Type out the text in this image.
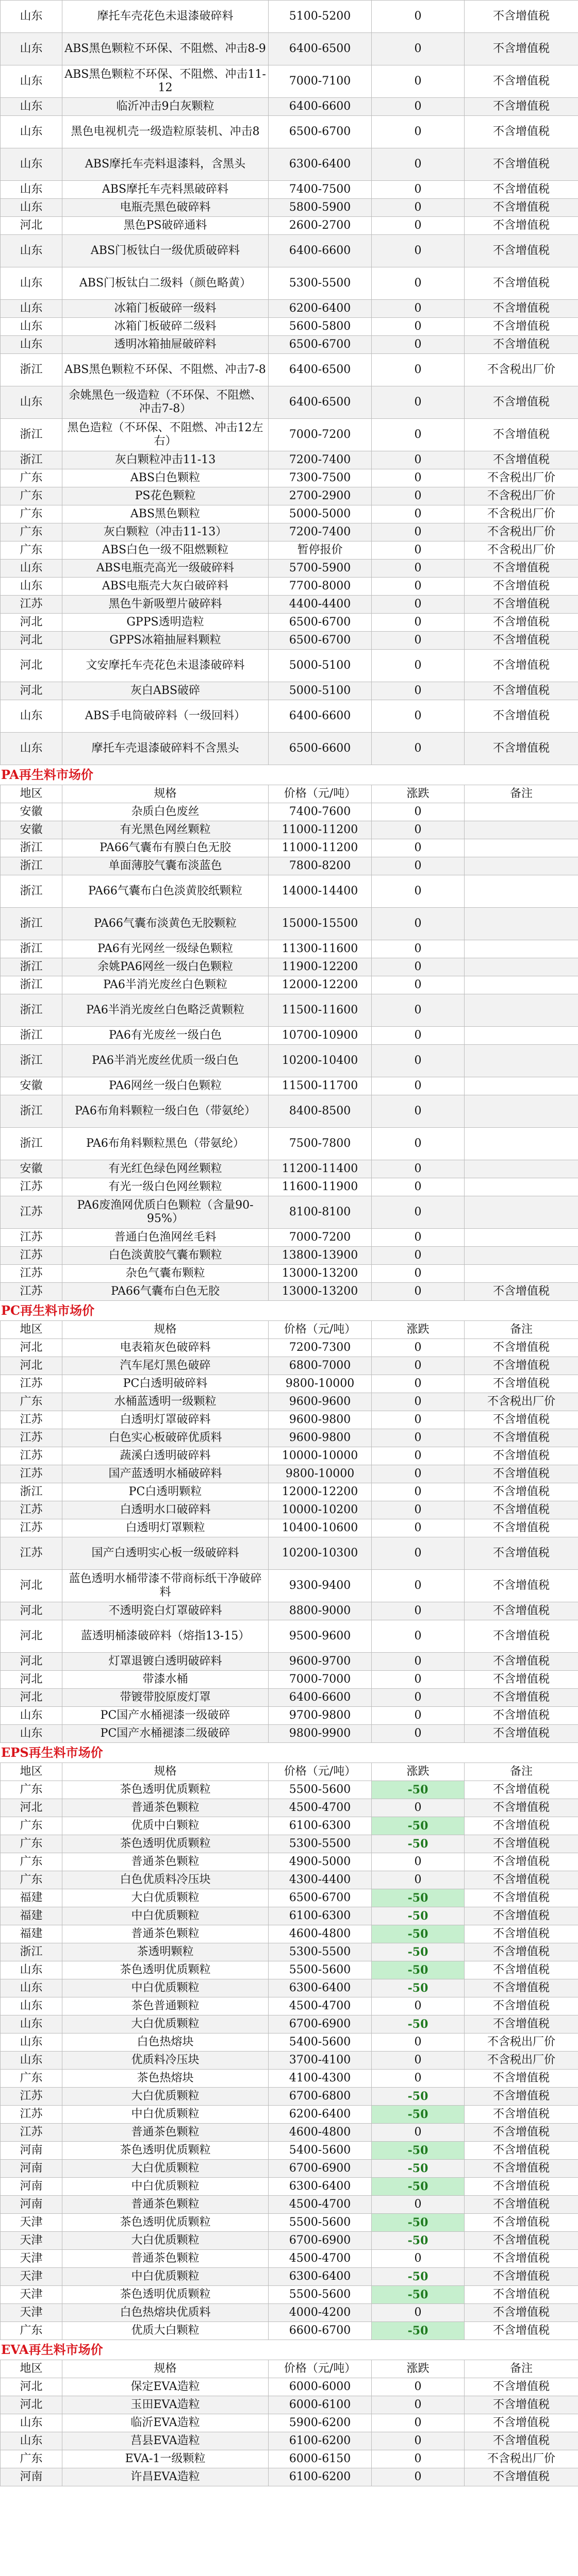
山东	摩托车壳花色未退漆破碎料	5100-5200	0	不含增值税
山东	ABS黑色颗粒不环保、不阻燃、冲击8-9	6400-6500	0	不含增值税
山东	ABS黑色颗粒不环保、不阻燃、冲击11-12	7000-7100	0	不含增值税
山东	临沂冲击9白灰颗粒	6400-6600	0	不含增值税
山东	黑色电视机壳一级造粒原装机、冲击8	6500-6700	0	不含增值税
山东	ABS摩托车壳料退漆料，含黑头	6300-6400	0	不含增值税
山东	ABS摩托车壳料黑破碎料	7400-7500	0	不含增值税
山东	电瓶壳黑色破碎料	5800-5900	0	不含增值税
河北	黑色PS破碎通料	2600-2700	0	不含增值税
山东	ABS门板钛白一级优质破碎料	6400-6600	0	不含增值税
山东	ABS门板钛白二级料（颜色略黄）	5300-5500	0	不含增值税
山东	冰箱门板破碎一级料	6200-6400	0	不含增值税
山东	冰箱门板破碎二级料	5600-5800	0	不含增值税
山东	透明冰箱抽屉破碎料	6500-6700	0	不含增值税
浙江	ABS黑色颗粒不环保、不阻燃、冲击7-8	6400-6500	0	不含税出厂价
山东	余姚黑色一级造粒（不环保、不阻燃、冲击7-8）	6400-6500	0	不含增值税
浙江	黑色造粒（不环保、不阻燃、冲击12左右）	7000-7200	0	不含增值税
浙江	灰白颗粒冲击11-13	7200-7400	0	不含增值税
广东	ABS白色颗粒	7300-7500	0	不含税出厂价
广东	PS花色颗粒	2700-2900	0	不含税出厂价
广东	ABS黑色颗粒	5000-5000	0	不含税出厂价
广东	灰白颗粒（冲击11-13）	7200-7400	0	不含税出厂价
广东	ABS白色一级不阻燃颗粒	暂停报价	0	不含税出厂价
山东	ABS电瓶壳高光一级破碎料	5700-5900	0	不含增值税
山东	ABS电瓶壳大灰白破碎料	7700-8000	0	不含增值税
江苏	黑色牛新吸塑片破碎料	4400-4400	0	不含增值税
河北	GPPS透明造粒	6500-6700	0	不含增值税
河北	GPPS冰箱抽屉料颗粒	6500-6700	0	不含增值税
河北	文安摩托车壳花色未退漆破碎料	5000-5100	0	不含增值税
河北	灰白ABS破碎	5000-5100	0	不含增值税
山东	ABS手电筒破碎料（一级回料）	6400-6600	0	不含增值税
山东	摩托车壳退漆破碎料不含黑头	6500-6600	0	不含增值税
PA再生料市场价
地区	规格	价格（元/吨）	涨跌	备注
安徽	杂质白色废丝	7400-7600	0	
安徽	有光黑色网丝颗粒	11000-11200	0	
浙江	PA66气囊布有膜白色无胶	11000-11200	0	
浙江	单面薄胶气囊布淡蓝色	7800-8200	0	
浙江	PA66气囊布白色淡黄胶纸颗粒	14000-14400	0	
浙江	PA66气囊布淡黄色无胶颗粒	15000-15500	0	
浙江	PA6有光网丝一级绿色颗粒	11300-11600	0	
浙江	余姚PA6网丝一级白色颗粒	11900-12200	0	
浙江	PA6半消光废丝白色颗粒	12000-12200	0	
浙江	PA6半消光废丝白色略泛黄颗粒	11500-11600	0	
浙江	PA6有光废丝一级白色	10700-10900	0	
浙江	PA6半消光废丝优质一级白色	10200-10400	0	
安徽	PA6网丝一级白色颗粒	11500-11700	0	
浙江	PA6布角料颗粒一级白色（带氨纶）	8400-8500	0	
浙江	PA6布角料颗粒黑色（带氨纶）	7500-7800	0	
安徽	有光红色绿色网丝颗粒	11200-11400	0	
江苏	有光一级白色网丝颗粒	11600-11900	0	
江苏	PA6废渔网优质白色颗粒（含量90-95%）	8100-8100	0	
江苏	普通白色渔网丝毛料	7000-7200	0	
江苏	白色淡黄胶气囊布颗粒	13800-13900	0	
江苏	杂色气囊布颗粒	13000-13200	0	
江苏	PA66气囊布白色无胶	13000-13200	0	不含增值税
PC再生料市场价
地区	规格	价格（元/吨）	涨跌	备注
河北	电表箱灰色破碎料	7200-7300	0	不含增值税
河北	汽车尾灯黑色破碎	6800-7000	0	不含增值税
江苏	PC白透明破碎料	9800-10000	0	不含增值税
广东	水桶蓝透明一级颗粒	9600-9600	0	不含税出厂价
江苏	白透明灯罩破碎料	9600-9800	0	不含增值税
江苏	白色实心板破碎优质料	9600-9800	0	不含增值税
江苏	蔬溪白透明破碎料	10000-10000	0	不含增值税
江苏	国产蓝透明水桶破碎料	9800-10000	0	不含增值税
浙江	PC白透明颗粒	12000-12200	0	不含增值税
江苏	白透明水口破碎料	10000-10200	0	不含增值税
江苏	白透明灯罩颗粒	10400-10600	0	不含增值税
江苏	国产白透明实心板一级破碎料	10200-10300	0	不含增值税
河北	蓝色透明水桶带漆不带商标纸干净破碎料	9300-9400	0	不含增值税
河北	不透明瓷白灯罩破碎料	8800-9000	0	不含增值税
河北	蓝透明桶漆破碎料（熔指13-15）	9500-9600	0	不含增值税
河北	灯罩退镀白透明破碎料	9600-9700	0	不含增值税
河北	带漆水桶	7000-7000	0	不含增值税
河北	带镀带胶原废灯罩	6400-6600	0	不含增值税
山东	PC国产水桶褪漆一级破碎	9700-9800	0	不含增值税
山东	PC国产水桶褪漆二级破碎	9800-9900	0	不含增值税
EPS再生料市场价
地区	规格	价格（元/吨）	涨跌	备注
广东	茶色透明优质颗粒	5500-5600	-50	不含增值税
河北	普通茶色颗粒	4500-4700	0	不含增值税
广东	优质中白颗粒	6100-6300	-50	不含增值税
广东	茶色透明优质颗粒	5300-5500	-50	不含增值税
广东	普通茶色颗粒	4900-5000	0	不含增值税
广东	白色优质料冷压块	4300-4400	0	不含增值税
福建	大白优质颗粒	6500-6700	-50	不含增值税
福建	中白优质颗粒	6100-6300	-50	不含增值税
福建	普通茶色颗粒	4600-4800	-50	不含增值税
浙江	茶透明颗粒	5300-5500	-50	不含增值税
山东	茶色透明优质颗粒	5500-5600	-50	不含增值税
山东	中白优质颗粒	6300-6400	-50	不含增值税
山东	茶色普通颗粒	4500-4700	0	不含增值税
山东	大白优质颗粒	6700-6900	-50	不含增值税
山东	白色热熔块	5400-5600	0	不含税出厂价
山东	优质料冷压块	3700-4100	0	不含税出厂价
广东	茶色热熔块	4100-4300	0	不含增值税
江苏	大白优质颗粒	6700-6800	-50	不含增值税
江苏	中白优质颗粒	6200-6400	-50	不含增值税
江苏	普通茶色颗粒	4600-4800	0	不含增值税
河南	茶色透明优质颗粒	5400-5600	-50	不含增值税
河南	大白优质颗粒	6700-6900	-50	不含增值税
河南	中白优质颗粒	6300-6400	-50	不含增值税
河南	普通茶色颗粒	4500-4700	0	不含增值税
天津	茶色透明优质颗粒	5500-5600	-50	不含增值税
天津	大白优质颗粒	6700-6900	-50	不含增值税
天津	普通茶色颗粒	4500-4700	0	不含增值税
天津	中白优质颗粒	6300-6400	-50	不含增值税
天津	茶色透明优质颗粒	5500-5600	-50	不含增值税
天津	白色热熔块优质料	4000-4200	0	不含增值税
广东	优质大白颗粒	6600-6700	-50	不含增值税
EVA再生料市场价
地区	规格	价格（元/吨）	涨跌	备注
河北	保定EVA造粒	6000-6000	0	不含增值税
河北	玉田EVA造粒	6000-6100	0	不含增值税
山东	临沂EVA造粒	5900-6200	0	不含增值税
山东	莒县EVA造粒	6100-6200	0	不含增值税
广东	EVA-1一级颗粒	6000-6150	0	不含税出厂价
河南	许昌EVA造粒	6100-6200	0	不含增值税
